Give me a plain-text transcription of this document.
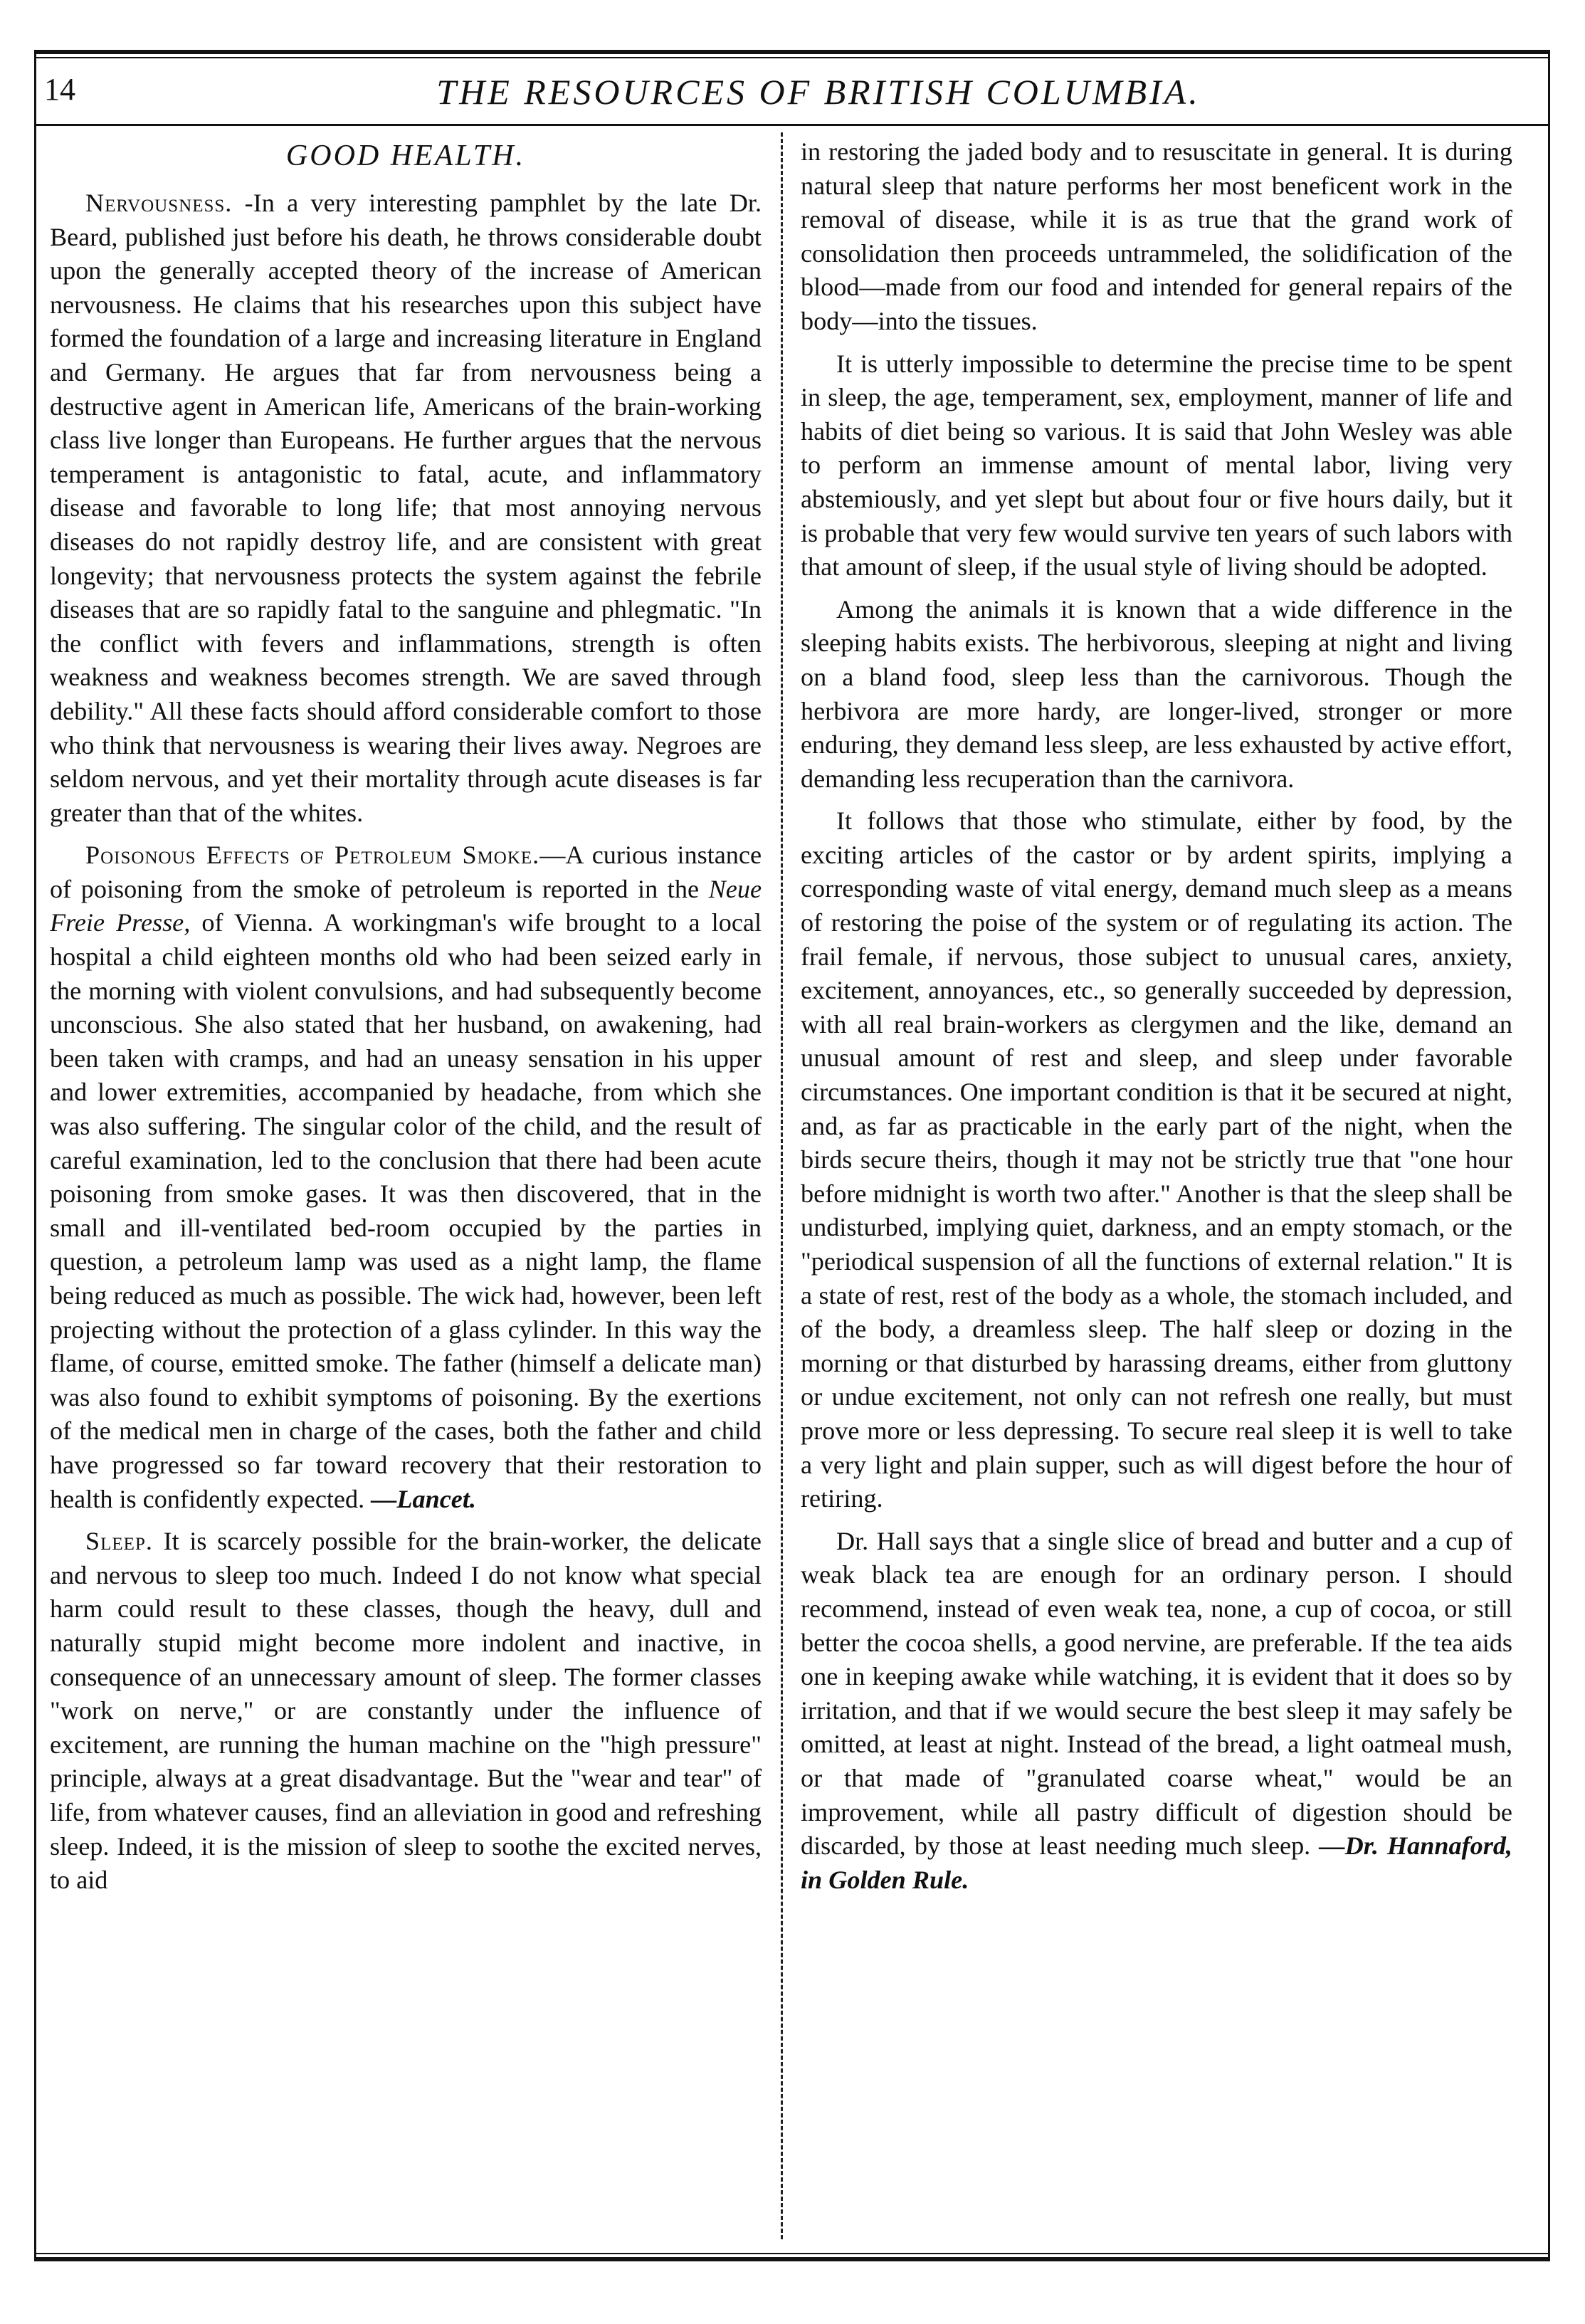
14	THE RESOURCES OF BRITISH COLUMBIA.
GOOD HEALTH.

Nervousness. -In a very interesting pamphlet by the late Dr. Beard, published just before his death, he throws considerable doubt upon the generally accepted theory of the increase of American nervousness. He claims that his researches upon this subject have formed the foundation of a large and increasing literature in England and Germany. He argues that far from nervousness being a destructive agent in American life, Americans of the brain-working class live longer than Europeans. He further argues that the nervous temperament is antagonistic to fatal, acute, and inflammatory disease and favorable to long life; that most annoying nervous diseases do not rapidly destroy life, and are consistent with great longevity; that nervousness protects the system against the febrile diseases that are so rapidly fatal to the sanguine and phlegmatic. "In the conflict with fevers and inflammations, strength is often weakness and weakness becomes strength. We are saved through debility." All these facts should afford considerable comfort to those who think that nervousness is wearing their lives away. Negroes are seldom nervous, and yet their mortality through acute diseases is far greater than that of the whites.

Poisonous Effects of Petroleum Smoke.—A curious instance of poisoning from the smoke of petroleum is reported in the Neue Freie Presse, of Vienna. A workingman's wife brought to a local hospital a child eighteen months old who had been seized early in the morning with violent convulsions, and had subsequently become unconscious. She also stated that her husband, on awakening, had been taken with cramps, and had an uneasy sensation in his upper and lower extremities, accompanied by headache, from which she was also suffering. The singular color of the child, and the result of careful examination, led to the conclusion that there had been acute poisoning from smoke gases. It was then discovered, that in the small and ill-ventilated bed-room occupied by the parties in question, a petroleum lamp was used as a night lamp, the flame being reduced as much as possible. The wick had, however, been left projecting without the protection of a glass cylinder. In this way the flame, of course, emitted smoke. The father (himself a delicate man) was also found to exhibit symptoms of poisoning. By the exertions of the medical men in charge of the cases, both the father and child have progressed so far toward recovery that their restoration to health is confidently expected. —Lancet.

Sleep. It is scarcely possible for the brain-worker, the delicate and nervous to sleep too much. Indeed I do not know what special harm could result to these classes, though the heavy, dull and naturally stupid might become more indolent and inactive, in consequence of an unnecessary amount of sleep. The former classes "work on nerve," or are constantly under the influence of excitement, are running the human machine on the "high pressure" principle, always at a great disadvantage. But the "wear and tear" of life, from whatever causes, find an alleviation in good and refreshing sleep. Indeed, it is the mission of sleep to soothe the excited nerves, to aid

in restoring the jaded body and to resuscitate in general. It is during natural sleep that nature performs her most beneficent work in the removal of disease, while it is as true that the grand work of consolidation then proceeds untrammeled, the solidification of the blood—made from our food and intended for general repairs of the body—into the tissues.

It is utterly impossible to determine the precise time to be spent in sleep, the age, temperament, sex, employment, manner of life and habits of diet being so various. It is said that John Wesley was able to perform an immense amount of mental labor, living very abstemiously, and yet slept but about four or five hours daily, but it is probable that very few would survive ten years of such labors with that amount of sleep, if the usual style of living should be adopted.

Among the animals it is known that a wide difference in the sleeping habits exists. The herbivorous, sleeping at night and living on a bland food, sleep less than the carnivorous. Though the herbivora are more hardy, are longer-lived, stronger or more enduring, they demand less sleep, are less exhausted by active effort, demanding less recuperation than the carnivora.

It follows that those who stimulate, either by food, by the exciting articles of the castor or by ardent spirits, implying a corresponding waste of vital energy, demand much sleep as a means of restoring the poise of the system or of regulating its action. The frail female, if nervous, those subject to unusual cares, anxiety, excitement, annoyances, etc., so generally succeeded by depression, with all real brain-workers as clergymen and the like, demand an unusual amount of rest and sleep, and sleep under favorable circumstances. One important condition is that it be secured at night, and, as far as practicable in the early part of the night, when the birds secure theirs, though it may not be strictly true that "one hour before midnight is worth two after." Another is that the sleep shall be undisturbed, implying quiet, darkness, and an empty stomach, or the "periodical suspension of all the functions of external relation." It is a state of rest, rest of the body as a whole, the stomach included, and of the body, a dreamless sleep. The half sleep or dozing in the morning or that disturbed by harassing dreams, either from gluttony or undue excitement, not only can not refresh one really, but must prove more or less depressing. To secure real sleep it is well to take a very light and plain supper, such as will digest before the hour of retiring.

Dr. Hall says that a single slice of bread and butter and a cup of weak black tea are enough for an ordinary person. I should recommend, instead of even weak tea, none, a cup of cocoa, or still better the cocoa shells, a good nervine, are preferable. If the tea aids one in keeping awake while watching, it is evident that it does so by irritation, and that if we would secure the best sleep it may safely be omitted, at least at night. Instead of the bread, a light oatmeal mush, or that made of "granulated coarse wheat," would be an improvement, while all pastry difficult of digestion should be discarded, by those at least needing much sleep. —Dr. Hannaford, in Golden Rule.
